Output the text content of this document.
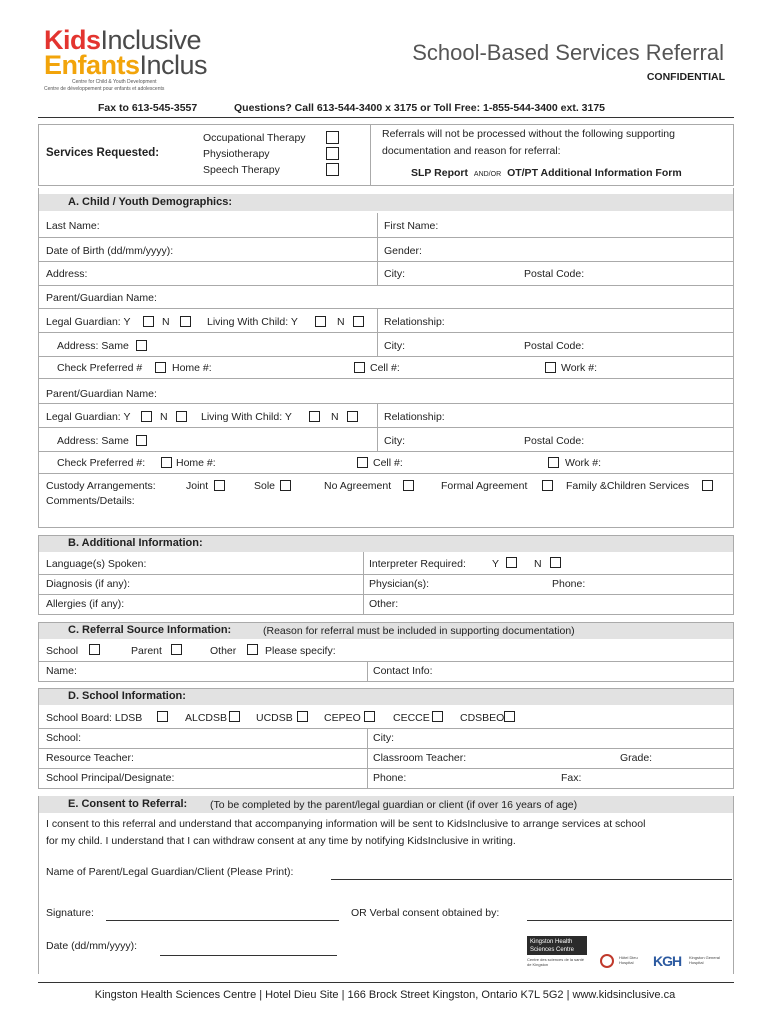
KidsInclusive
EnfantsInclus
Centre for Child & Youth Development
Centre de développement pour enfants et adolescents
School-Based Services Referral
CONFIDENTIAL
Fax to 613-545-3557	Questions? Call 613-544-3400 x 3175 or Toll Free: 1-855-544-3400 ext. 3175
Services Requested:
Occupational Therapy
Physiotherapy
Speech Therapy
Referrals will not be processed without the following supporting
documentation and reason for referral:
SLP Report AND/OR OT/PT Additional Information Form
A. Child / Youth Demographics:
Last Name:	First Name:
Date of Birth (dd/mm/yyyy):	Gender:
Address:	City:	Postal Code:
Parent/Guardian Name:
Legal Guardian: Y	N	Living With Child: Y	N	Relationship:
Address: Same	City:	Postal Code:
Check Preferred #	Home #:	Cell #:	Work #:
Parent/Guardian Name:
Legal Guardian: Y	N	Living With Child: Y	N	Relationship:
Address: Same	City:	Postal Code:
Check Preferred #:	Home #:	Cell #:	Work #:
Custody Arrangements:	Joint	Sole	No Agreement	Formal Agreement	Family &Children Services
Comments/Details:
B. Additional Information:
Language(s) Spoken:	Interpreter Required: Y	N
Diagnosis (if any):	Physician(s):	Phone:
Allergies (if any):	Other:
C. Referral Source Information:	(Reason for referral must be included in supporting documentation)
School	Parent	Other	Please specify:
Name:	Contact Info:
D. School Information:
School Board: LDSB	ALCDSB	UCDSB	CEPEO	CECCE	CDSBEO
School:	City:
Resource Teacher:	Classroom Teacher:	Grade:
School Principal/Designate:	Phone:	Fax:
E. Consent to Referral: (To be completed by the parent/legal guardian or client (if over 16 years of age)
I consent to this referral and understand that accompanying information will be sent to KidsInclusive to arrange services at school
for my child. I understand that I can withdraw consent at any time by notifying KidsInclusive in writing.
Name of Parent/Legal Guardian/Client (Please Print):
Signature:	OR Verbal consent obtained by:
Date (dd/mm/yyyy):	Kingston Health
Sciences Centre
Centre des sciences de la santé de Kingston
Hôtel Dieu Hospital	KGH Kingston General Hospital
Kingston Health Sciences Centre | Hotel Dieu Site | 166 Brock Street Kingston, Ontario K7L 5G2 | www.kidsinclusive.ca
